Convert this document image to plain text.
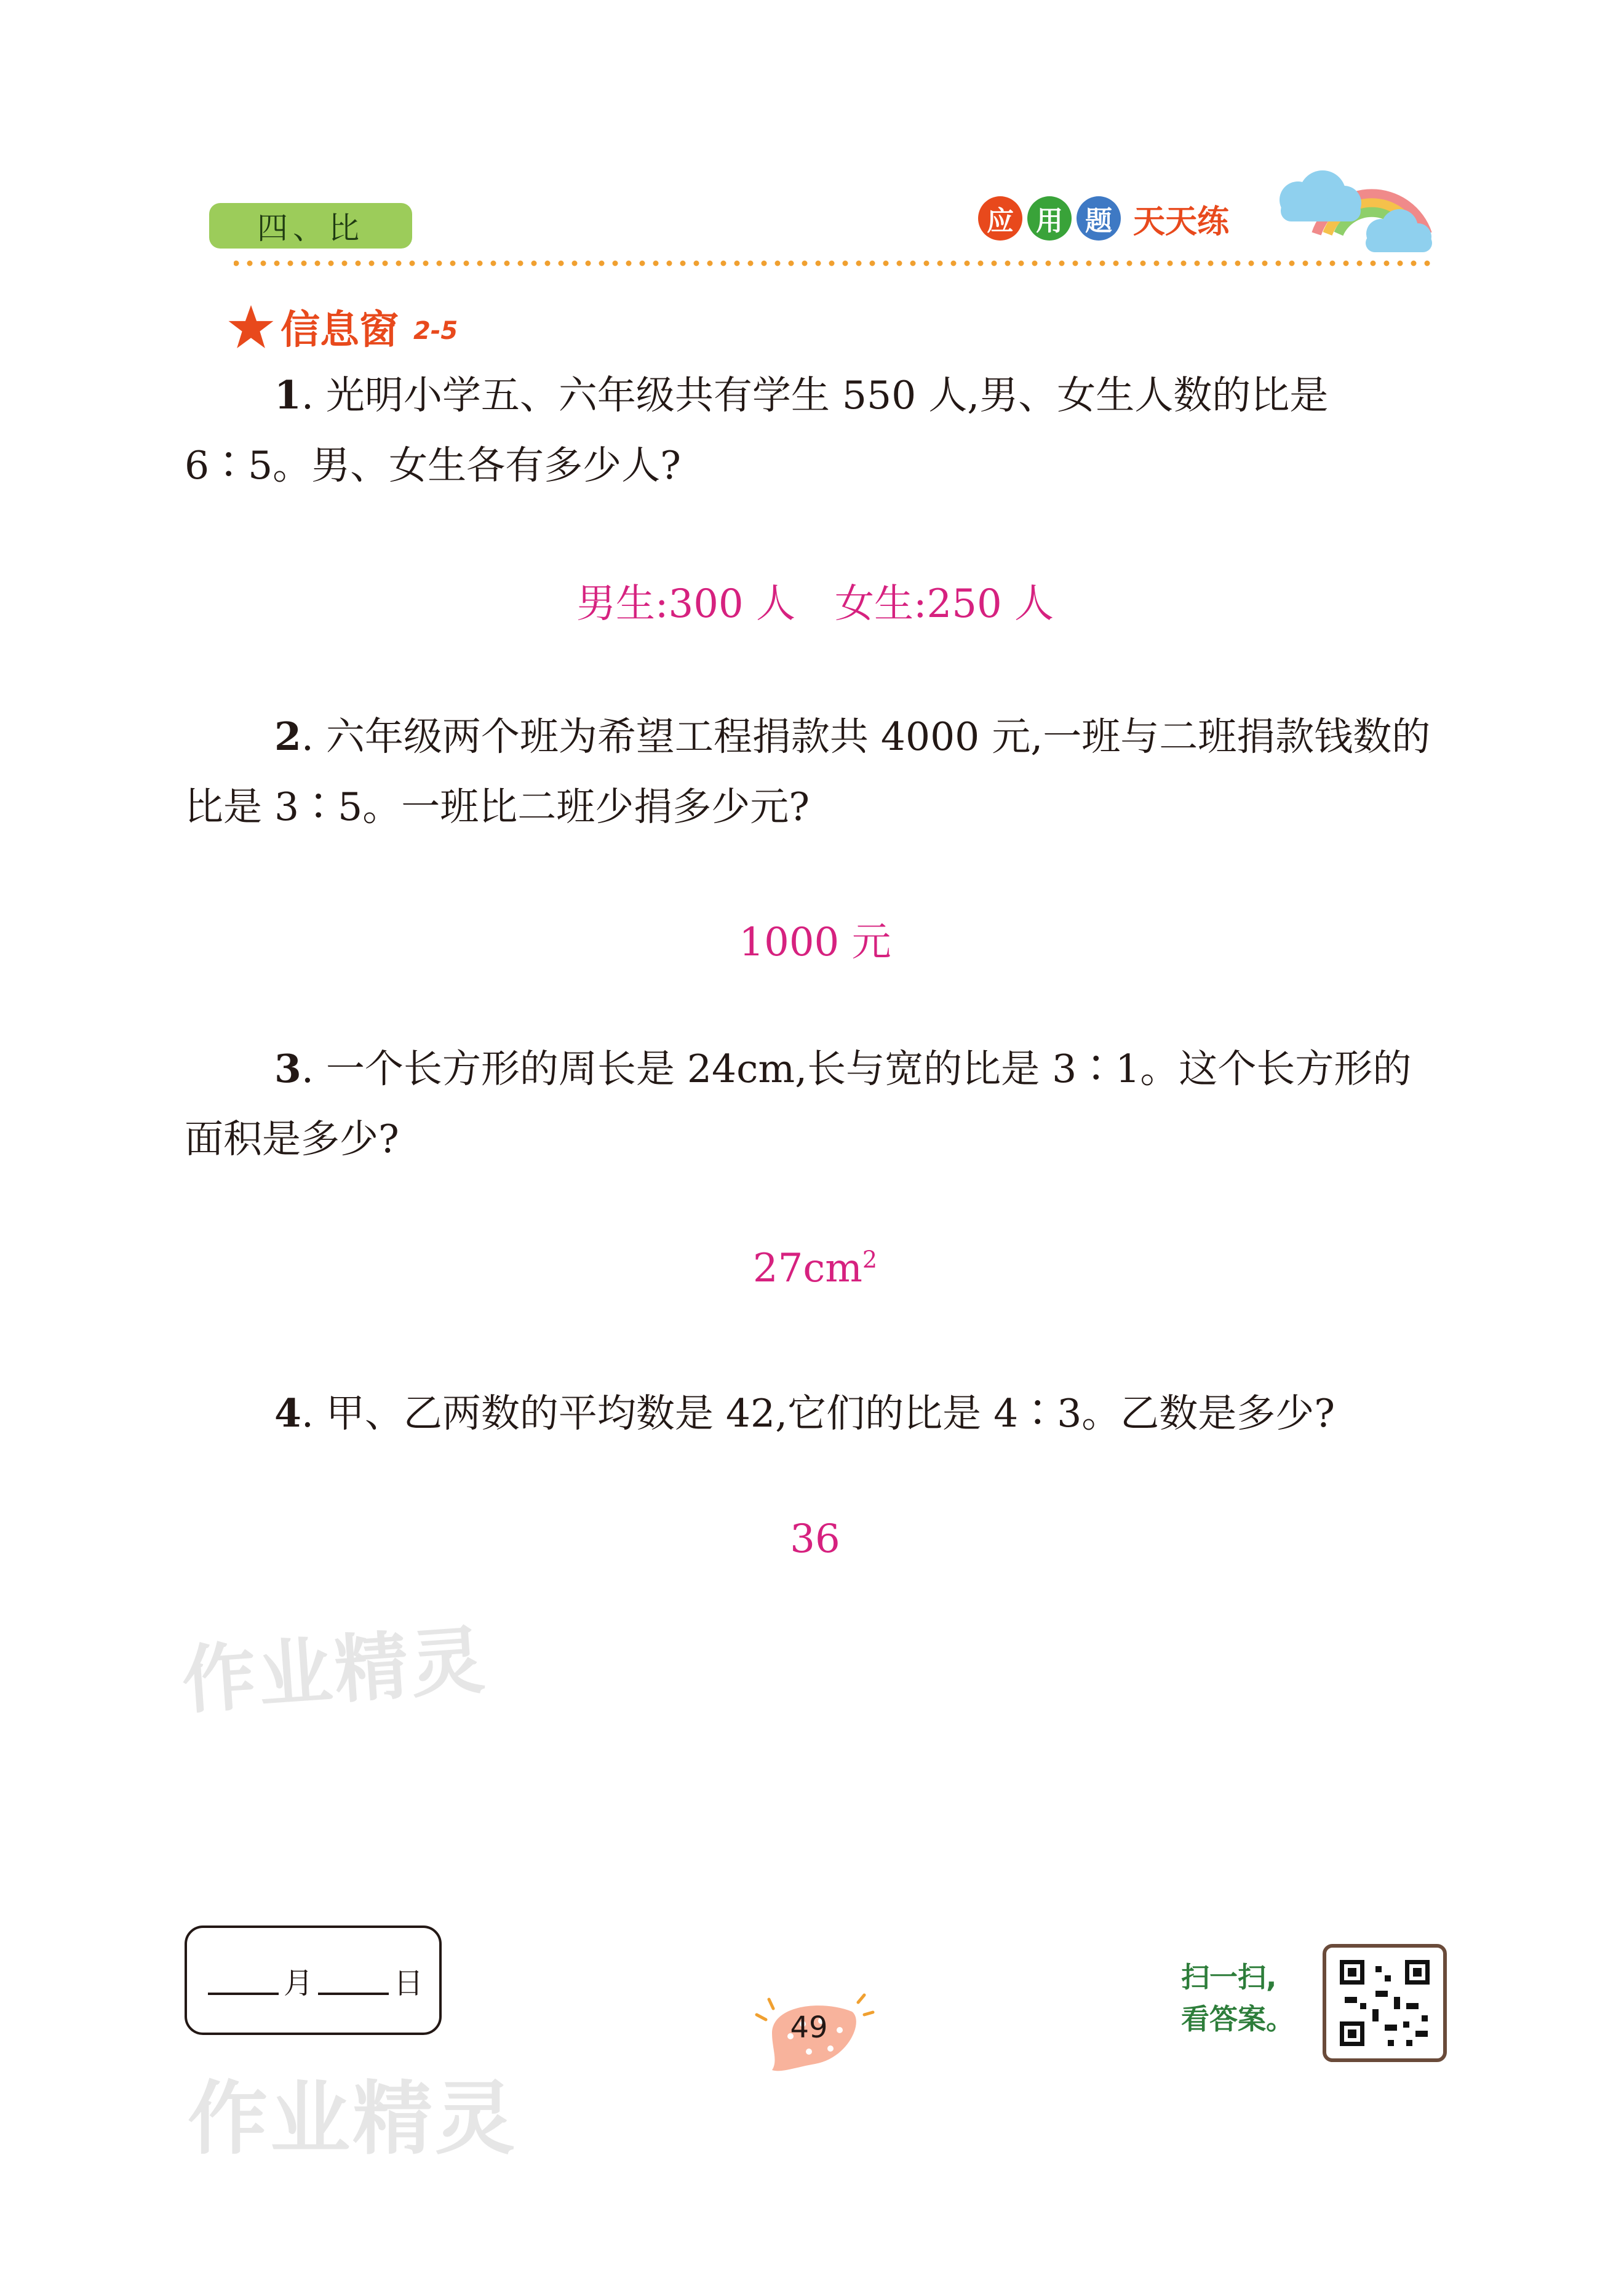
四、比	应 用 题 天天练
信息窗 2-5
1. 光明小学五、六年级共有学生 550 人,男、女生人数的比是 6∶5。男、女生各有多少人?
男生:300 人　女生:250 人
2. 六年级两个班为希望工程捐款共 4000 元,一班与二班捐款钱数的比是 3∶5。一班比二班少捐多少元?
1000 元
3. 一个长方形的周长是 24cm,长与宽的比是 3∶1。这个长方形的面积是多少?
$27cm^2$
4. 甲、乙两数的平均数是 42,它们的比是 4∶3。乙数是多少?
36
作业精灵
作业精灵
月	日
49
扫一扫,
看答案。
